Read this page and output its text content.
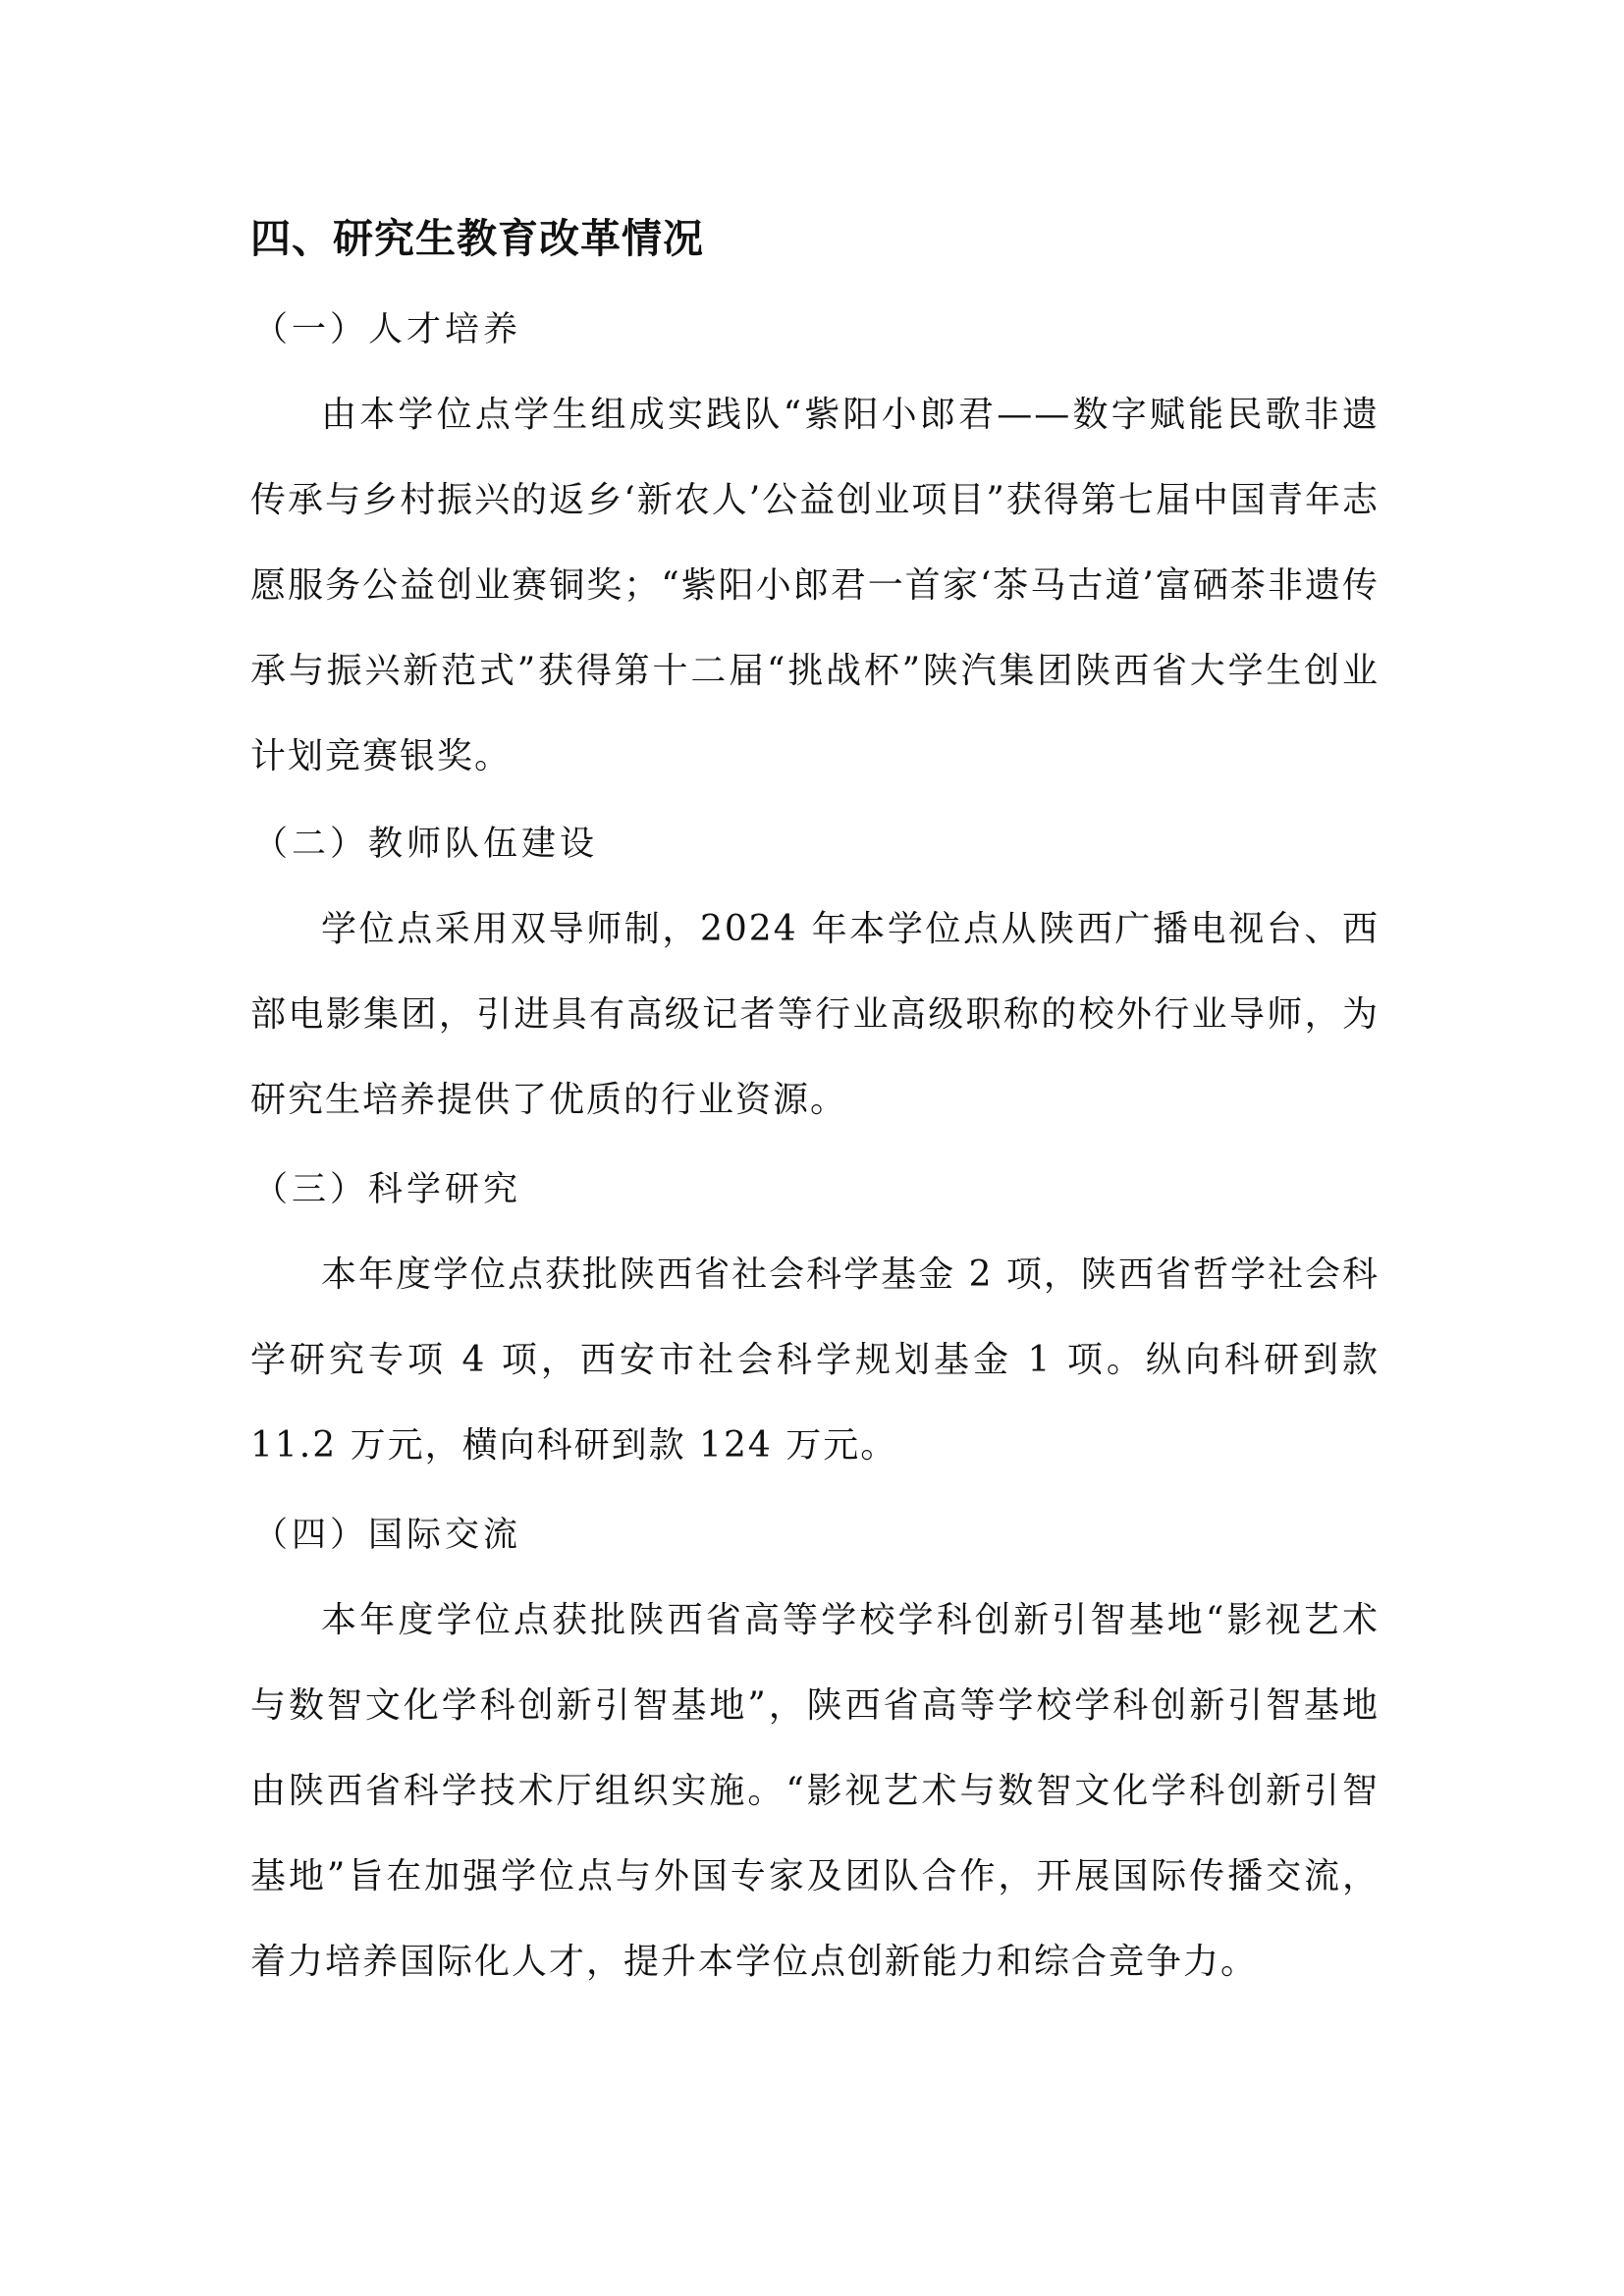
四、研究生教育改革情况
（一）人才培养
由本学位点学生组成实践队“紫阳小郎君——数字赋能民歌非遗传承与乡村振兴的返乡‘新农人’公益创业项目”获得第七届中国青年志愿服务公益创业赛铜奖；“紫阳小郎君一首家‘茶马古道’富硒茶非遗传承与振兴新范式”获得第十二届“挑战杯”陕汽集团陕西省大学生创业计划竞赛银奖。
（二）教师队伍建设
学位点采用双导师制，2024 年本学位点从陕西广播电视台、西部电影集团，引进具有高级记者等行业高级职称的校外行业导师，为研究生培养提供了优质的行业资源。
（三）科学研究
本年度学位点获批陕西省社会科学基金 2 项，陕西省哲学社会科学研究专项 4 项，西安市社会科学规划基金 1 项。纵向科研到款 11.2 万元，横向科研到款 124 万元。
（四）国际交流
本年度学位点获批陕西省高等学校学科创新引智基地“影视艺术与数智文化学科创新引智基地”，陕西省高等学校学科创新引智基地由陕西省科学技术厅组织实施。“影视艺术与数智文化学科创新引智基地”旨在加强学位点与外国专家及团队合作，开展国际传播交流，着力培养国际化人才，提升本学位点创新能力和综合竞争力。
